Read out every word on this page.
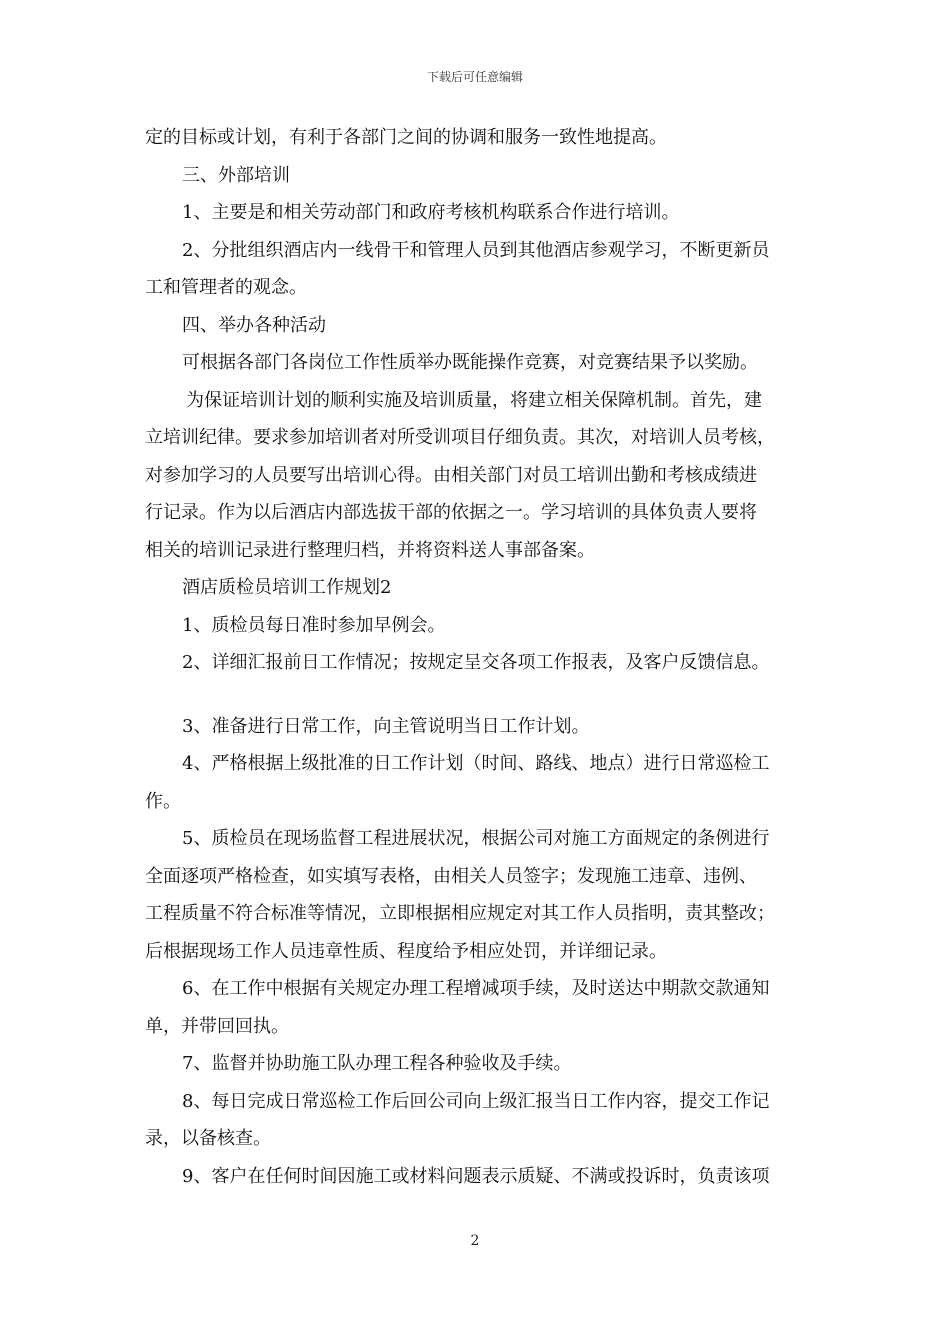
下载后可任意编辑
定的目标或计划，有利于各部门之间的协调和服务一致性地提高。
三、外部培训
1、主要是和相关劳动部门和政府考核机构联系合作进行培训。
2、分批组织酒店内一线骨干和管理人员到其他酒店参观学习，不断更新员
工和管理者的观念。
四、举办各种活动
可根据各部门各岗位工作性质举办既能操作竞赛，对竞赛结果予以奖励。
为保证培训计划的顺利实施及培训质量，将建立相关保障机制。首先，建
立培训纪律。要求参加培训者对所受训项目仔细负责。其次，对培训人员考核，
对参加学习的人员要写出培训心得。由相关部门对员工培训出勤和考核成绩进
行记录。作为以后酒店内部选拔干部的依据之一。学习培训的具体负责人要将
相关的培训记录进行整理归档，并将资料送人事部备案。
酒店质检员培训工作规划2
1、质检员每日准时参加早例会。
2、详细汇报前日工作情况；按规定呈交各项工作报表，及客户反馈信息。
3、准备进行日常工作，向主管说明当日工作计划。
4、严格根据上级批准的日工作计划（时间、路线、地点）进行日常巡检工
作。
5、质检员在现场监督工程进展状况，根据公司对施工方面规定的条例进行
全面逐项严格检查，如实填写表格，由相关人员签字；发现施工违章、违例、
工程质量不符合标准等情况，立即根据相应规定对其工作人员指明，责其整改；
后根据现场工作人员违章性质、程度给予相应处罚，并详细记录。
6、在工作中根据有关规定办理工程增减项手续，及时送达中期款交款通知
单，并带回回执。
7、监督并协助施工队办理工程各种验收及手续。
8、每日完成日常巡检工作后回公司向上级汇报当日工作内容，提交工作记
录，以备核查。
9、客户在任何时间因施工或材料问题表示质疑、不满或投诉时，负责该项
2
